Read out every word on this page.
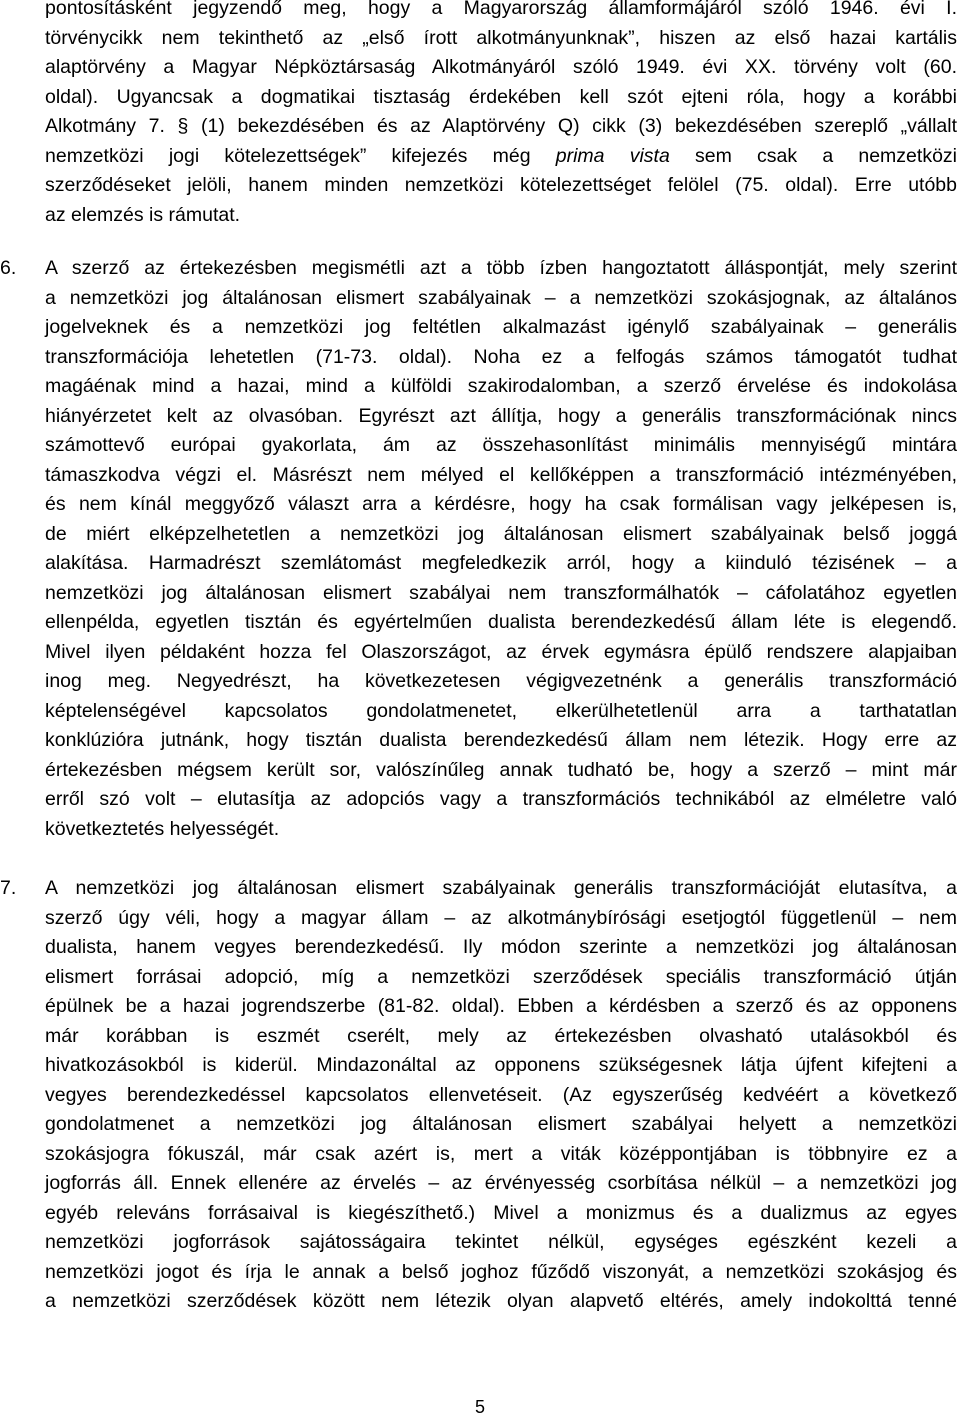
pontosításként jegyzendő meg, hogy a Magyarország államformájáról szóló 1946. évi I.
törvénycikk nem tekinthető az „első írott alkotmányunknak”, hiszen az első hazai kartális
alaptörvény a Magyar Népköztársaság Alkotmányáról szóló 1949. évi XX. törvény volt (60.
oldal). Ugyancsak a dogmatikai tisztaság érdekében kell szót ejteni róla, hogy a korábbi
Alkotmány 7. § (1) bekezdésében és az Alaptörvény Q) cikk (3) bekezdésében szereplő „vállalt
nemzetközi jogi kötelezettségek” kifejezés még prima vista sem csak a nemzetközi
szerződéseket jelöli, hanem minden nemzetközi kötelezettséget felölel (75. oldal). Erre utóbb
az elemzés is rámutat.
6. A szerző az értekezésben megismétli azt a több ízben hangoztatott álláspontját, mely szerint
a nemzetközi jog általánosan elismert szabályainak – a nemzetközi szokásjognak, az általános
jogelveknek és a nemzetközi jog feltétlen alkalmazást igénylő szabályainak – generális
transzformációja lehetetlen (71-73. oldal). Noha ez a felfogás számos támogatót tudhat
magáénak mind a hazai, mind a külföldi szakirodalomban, a szerző érvelése és indokolása
hiányérzetet kelt az olvasóban. Egyrészt azt állítja, hogy a generális transzformációnak nincs
számottevő európai gyakorlata, ám az összehasonlítást minimális mennyiségű mintára
támaszkodva végzi el. Másrészt nem mélyed el kellőképpen a transzformáció intézményében,
és nem kínál meggyőző választ arra a kérdésre, hogy ha csak formálisan vagy jelképesen is,
de miért elképzelhetetlen a nemzetközi jog általánosan elismert szabályainak belső joggá
alakítása. Harmadrészt szemlátomást megfeledkezik arról, hogy a kiinduló tézisének – a
nemzetközi jog általánosan elismert szabályai nem transzformálhatók – cáfolatához egyetlen
ellenpélda, egyetlen tisztán és egyértelműen dualista berendezkedésű állam léte is elegendő.
Mivel ilyen példaként hozza fel Olaszországot, az érvek egymásra épülő rendszere alapjaiban
inog meg. Negyedrészt, ha következetesen végigvezetnénk a generális transzformáció
képtelenségével kapcsolatos gondolatmenetet, elkerülhetetlenül arra a tarthatatlan
konklúzióra jutnánk, hogy tisztán dualista berendezkedésű állam nem létezik. Hogy erre az
értekezésben mégsem került sor, valószínűleg annak tudható be, hogy a szerző – mint már
erről szó volt – elutasítja az adopciós vagy a transzformációs technikából az elméletre való
következtetés helyességét.
7. A nemzetközi jog általánosan elismert szabályainak generális transzformációját elutasítva, a
szerző úgy véli, hogy a magyar állam – az alkotmánybírósági esetjogtól függetlenül – nem
dualista, hanem vegyes berendezkedésű. Ily módon szerinte a nemzetközi jog általánosan
elismert forrásai adopció, míg a nemzetközi szerződések speciális transzformáció útján
épülnek be a hazai jogrendszerbe (81-82. oldal). Ebben a kérdésben a szerző és az opponens
már korábban is eszmét cserélt, mely az értekezésben olvasható utalásokból és
hivatkozásokból is kiderül. Mindazonáltal az opponens szükségesnek látja újfent kifejteni a
vegyes berendezkedéssel kapcsolatos ellenvetéseit. (Az egyszerűség kedvéért a következő
gondolatmenet a nemzetközi jog általánosan elismert szabályai helyett a nemzetközi
szokásjogra fókuszál, már csak azért is, mert a viták középpontjában is többnyire ez a
jogforrás áll. Ennek ellenére az érvelés – az érvényesség csorbítása nélkül – a nemzetközi jog
egyéb releváns forrásaival is kiegészíthető.) Mivel a monizmus és a dualizmus az egyes
nemzetközi jogforrások sajátosságaira tekintet nélkül, egységes egészként kezeli a
nemzetközi jogot és írja le annak a belső joghoz fűződő viszonyát, a nemzetközi szokásjog és
a nemzetközi szerződések között nem létezik olyan alapvető eltérés, amely indokolttá tenné
5
